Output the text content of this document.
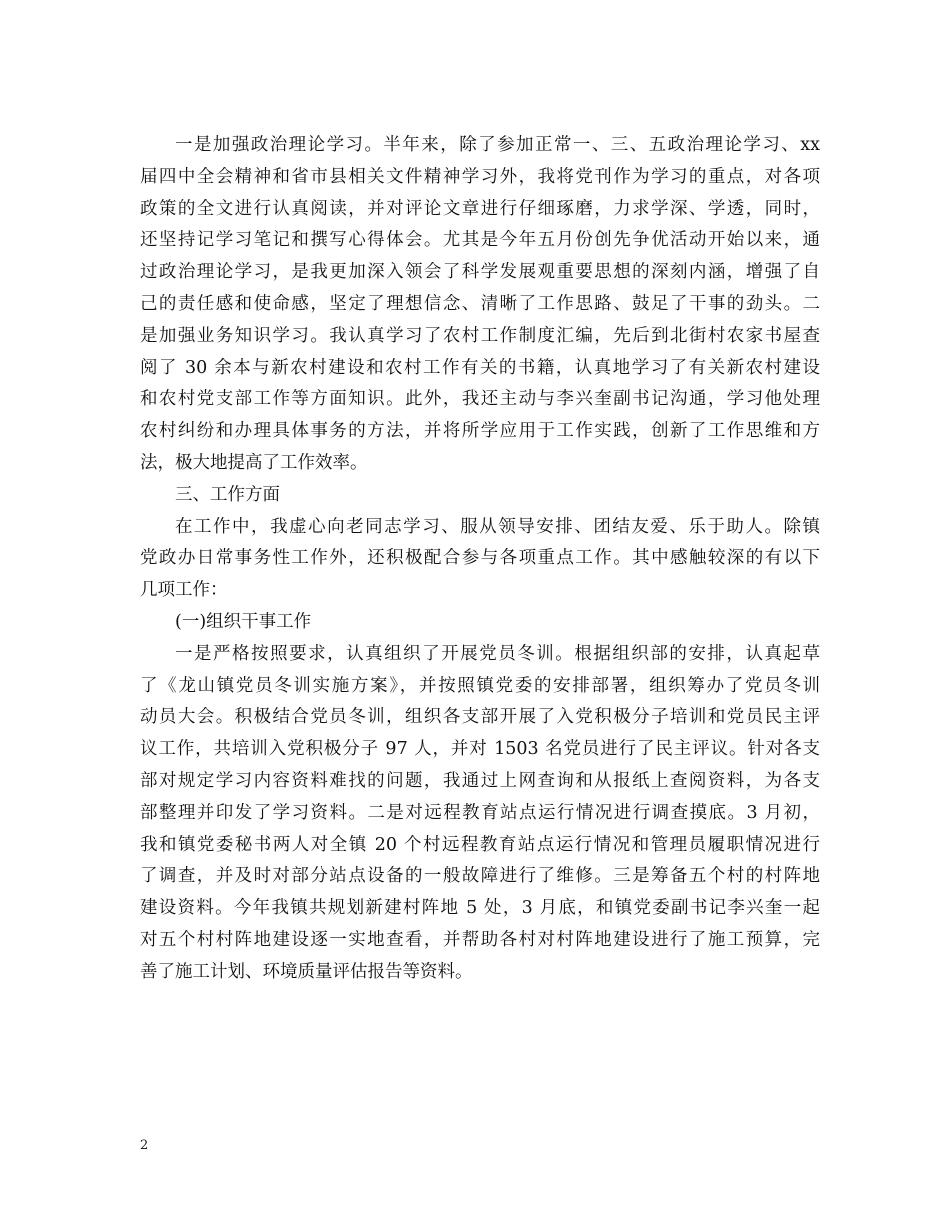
一是加强政治理论学习。半年来，除了参加正常一、三、五政治理论学习、xx
届四中全会精神和省市县相关文件精神学习外，我将党刊作为学习的重点，对各项
政策的全文进行认真阅读，并对评论文章进行仔细琢磨，力求学深、学透，同时，
还坚持记学习笔记和撰写心得体会。尤其是今年五月份创先争优活动开始以来，通
过政治理论学习，是我更加深入领会了科学发展观重要思想的深刻内涵，增强了自
己的责任感和使命感，坚定了理想信念、清晰了工作思路、鼓足了干事的劲头。二
是加强业务知识学习。我认真学习了农村工作制度汇编，先后到北街村农家书屋查
阅了 30 余本与新农村建设和农村工作有关的书籍，认真地学习了有关新农村建设
和农村党支部工作等方面知识。此外，我还主动与李兴奎副书记沟通，学习他处理
农村纠纷和办理具体事务的方法，并将所学应用于工作实践，创新了工作思维和方
法，极大地提高了工作效率。
三、工作方面
在工作中，我虚心向老同志学习、服从领导安排、团结友爱、乐于助人。除镇
党政办日常事务性工作外，还积极配合参与各项重点工作。其中感触较深的有以下
几项工作：
(一)组织干事工作
一是严格按照要求，认真组织了开展党员冬训。根据组织部的安排，认真起草
了《龙山镇党员冬训实施方案》，并按照镇党委的安排部署，组织筹办了党员冬训
动员大会。积极结合党员冬训，组织各支部开展了入党积极分子培训和党员民主评
议工作，共培训入党积极分子 97 人，并对 1503 名党员进行了民主评议。针对各支
部对规定学习内容资料难找的问题，我通过上网查询和从报纸上查阅资料，为各支
部整理并印发了学习资料。二是对远程教育站点运行情况进行调查摸底。3 月初，
我和镇党委秘书两人对全镇 20 个村远程教育站点运行情况和管理员履职情况进行
了调查，并及时对部分站点设备的一般故障进行了维修。三是筹备五个村的村阵地
建设资料。今年我镇共规划新建村阵地 5 处，3 月底，和镇党委副书记李兴奎一起
对五个村村阵地建设逐一实地查看，并帮助各村对村阵地建设进行了施工预算，完
善了施工计划、环境质量评估报告等资料。
2
